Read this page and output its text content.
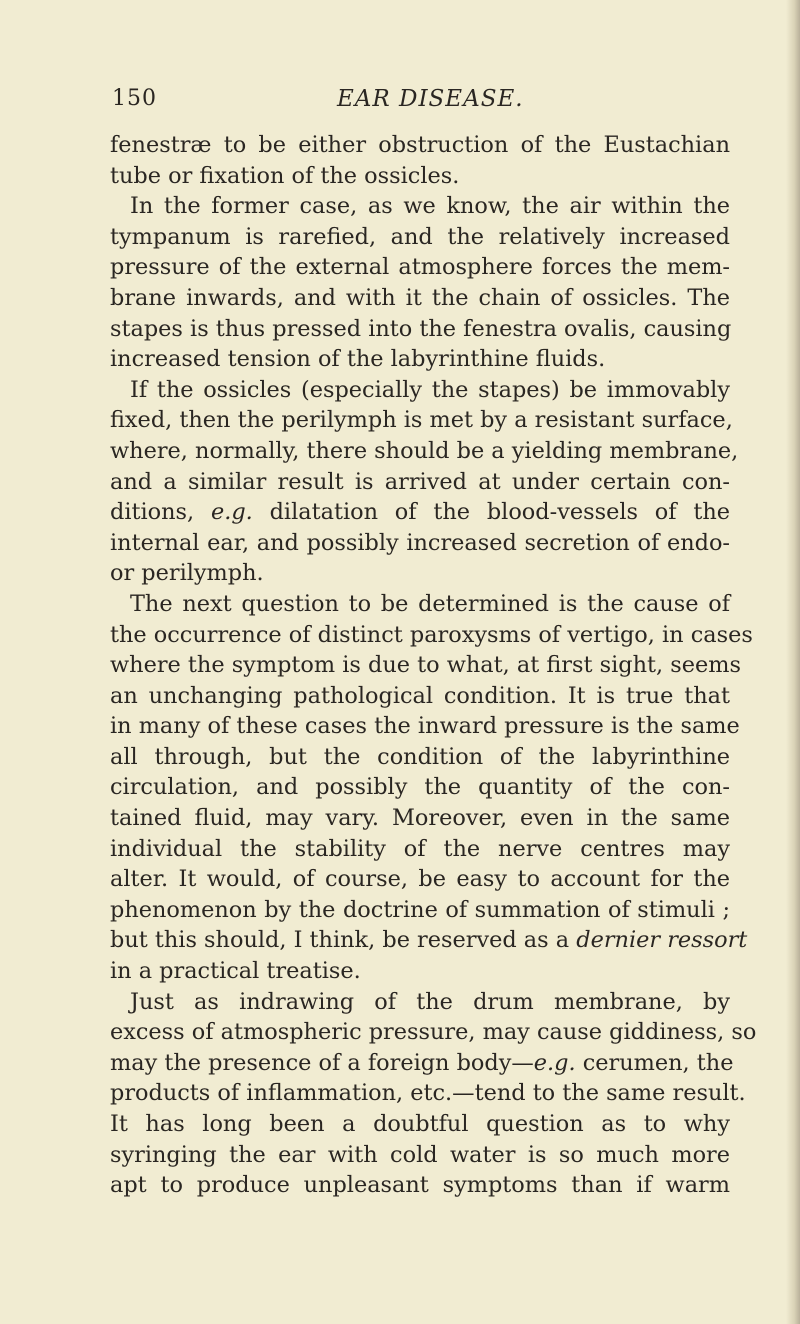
150	EAR DISEASE.
fenestræ to be either obstruction of the Eustachian
tube or fixation of the ossicles.
In the former case, as we know, the air within the
tympanum is rarefied, and the relatively increased
pressure of the external atmosphere forces the mem-
brane inwards, and with it the chain of ossicles. The
stapes is thus pressed into the fenestra ovalis, causing
increased tension of the labyrinthine fluids.
If the ossicles (especially the stapes) be immovably
fixed, then the perilymph is met by a resistant surface,
where, normally, there should be a yielding membrane,
and a similar result is arrived at under certain con-
ditions, e.g. dilatation of the blood-vessels of the
internal ear, and possibly increased secretion of endo-
or perilymph.
The next question to be determined is the cause of
the occurrence of distinct paroxysms of vertigo, in cases
where the symptom is due to what, at first sight, seems
an unchanging pathological condition. It is true that
in many of these cases the inward pressure is the same
all through, but the condition of the labyrinthine
circulation, and possibly the quantity of the con-
tained fluid, may vary. Moreover, even in the same
individual the stability of the nerve centres may
alter. It would, of course, be easy to account for the
phenomenon by the doctrine of summation of stimuli ;
but this should, I think, be reserved as a dernier ressort
in a practical treatise.
Just as indrawing of the drum membrane, by
excess of atmospheric pressure, may cause giddiness, so
may the presence of a foreign body—e.g. cerumen, the
products of inflammation, etc.—tend to the same result.
It has long been a doubtful question as to why
syringing the ear with cold water is so much more
apt to produce unpleasant symptoms than if warm
